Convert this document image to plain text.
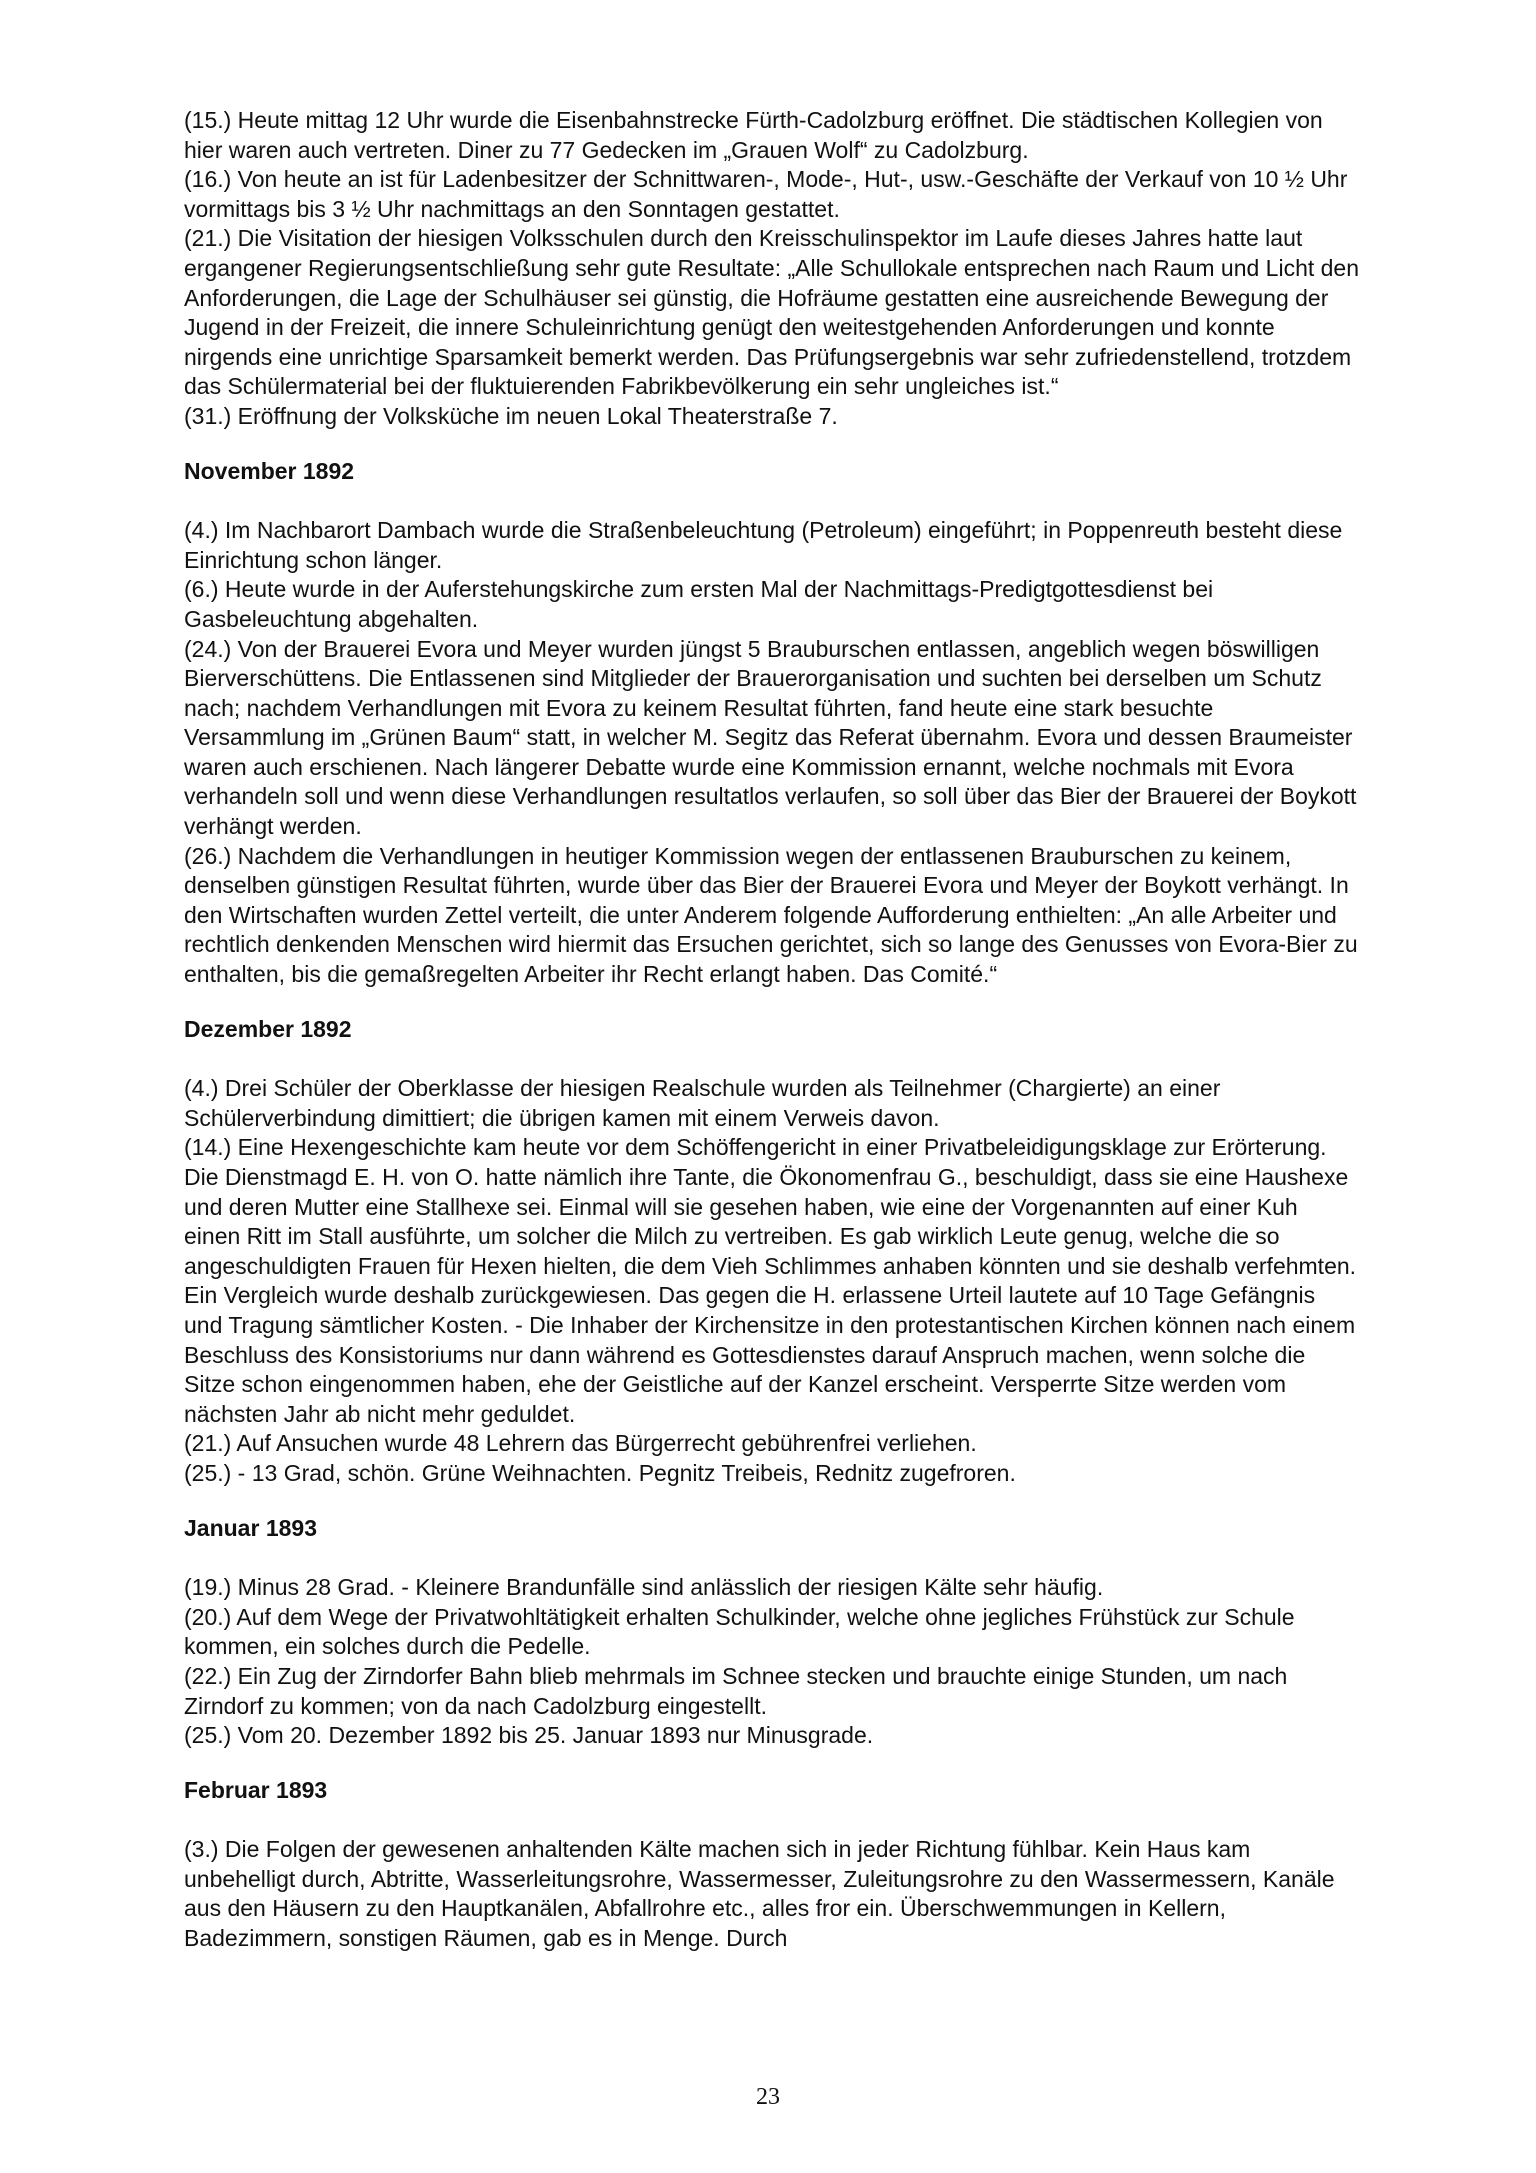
(15.) Heute mittag 12 Uhr wurde die Eisenbahnstrecke Fürth-Cadolzburg eröffnet. Die städtischen Kollegien von hier waren auch vertreten. Diner zu 77 Gedecken im „Grauen Wolf“ zu Cadolzburg.

(16.) Von heute an ist für Ladenbesitzer der Schnittwaren-, Mode-, Hut-, usw.-Geschäfte der Verkauf von 10 ½ Uhr vormittags bis 3 ½ Uhr nachmittags an den Sonntagen gestattet.

(21.) Die Visitation der hiesigen Volksschulen durch den Kreisschulinspektor im Laufe dieses Jahres hatte laut ergangener Regierungsentschließung sehr gute Resultate: „Alle Schullokale entsprechen nach Raum und Licht den Anforderungen, die Lage der Schulhäuser sei günstig, die Hofräume gestatten eine ausreichende Bewegung der Jugend in der Freizeit, die innere Schuleinrichtung genügt den weitestgehenden Anforderungen und konnte nirgends eine unrichtige Sparsamkeit bemerkt werden. Das Prüfungsergebnis war sehr zufriedenstellend, trotzdem das Schülermaterial bei der fluktuierenden Fabrikbevölkerung ein sehr ungleiches ist.“

(31.) Eröffnung der Volksküche im neuen Lokal Theaterstraße 7.

November 1892

(4.) Im Nachbarort Dambach wurde die Straßenbeleuchtung (Petroleum) eingeführt; in Poppenreuth besteht diese Einrichtung schon länger.

(6.) Heute wurde in der Auferstehungskirche zum ersten Mal der Nachmittags-Predigtgottesdienst bei Gasbeleuchtung abgehalten.

(24.) Von der Brauerei Evora und Meyer wurden jüngst 5 Brauburschen entlassen, angeblich wegen böswilligen Bierverschüttens. Die Entlassenen sind Mitglieder der Brauerorganisation und suchten bei derselben um Schutz nach; nachdem Verhandlungen mit Evora zu keinem Resultat führten, fand heute eine stark besuchte Versammlung im „Grünen Baum“ statt, in welcher M. Segitz das Referat übernahm. Evora und dessen Braumeister waren auch erschienen. Nach längerer Debatte wurde eine Kommission ernannt, welche nochmals mit Evora verhandeln soll und wenn diese Verhandlungen resultatlos verlaufen, so soll über das Bier der Brauerei der Boykott verhängt werden.

(26.) Nachdem die Verhandlungen in heutiger Kommission wegen der entlassenen Brauburschen zu keinem, denselben günstigen Resultat führten, wurde über das Bier der Brauerei Evora und Meyer der Boykott verhängt. In den Wirtschaften wurden Zettel verteilt, die unter Anderem folgende Aufforderung enthielten: „An alle Arbeiter und rechtlich denkenden Menschen wird hiermit das Ersuchen gerichtet, sich so lange des Genusses von Evora-Bier zu enthalten, bis die gemaßregelten Arbeiter ihr Recht erlangt haben. Das Comité.“

Dezember 1892

(4.) Drei Schüler der Oberklasse der hiesigen Realschule wurden als Teilnehmer (Chargierte) an einer Schülerverbindung dimittiert; die übrigen kamen mit einem Verweis davon.

(14.) Eine Hexengeschichte kam heute vor dem Schöffengericht in einer Privatbeleidigungsklage zur Erörterung. Die Dienstmagd E. H. von O. hatte nämlich ihre Tante, die Ökonomenfrau G., beschuldigt, dass sie eine Haushexe und deren Mutter eine Stallhexe sei. Einmal will sie gesehen haben, wie eine der Vorgenannten auf einer Kuh einen Ritt im Stall ausführte, um solcher die Milch zu vertreiben. Es gab wirklich Leute genug, welche die so angeschuldigten Frauen für Hexen hielten, die dem Vieh Schlimmes anhaben könnten und sie deshalb verfehmten. Ein Vergleich wurde deshalb zurückgewiesen. Das gegen die H. erlassene Urteil lautete auf 10 Tage Gefängnis und Tragung sämtlicher Kosten. - Die Inhaber der Kirchensitze in den protestantischen Kirchen können nach einem Beschluss des Konsistoriums nur dann während es Gottesdienstes darauf Anspruch machen, wenn solche die Sitze schon eingenommen haben, ehe der Geistliche auf der Kanzel erscheint. Versperrte Sitze werden vom nächsten Jahr ab nicht mehr geduldet.

(21.) Auf Ansuchen wurde 48 Lehrern das Bürgerrecht gebührenfrei verliehen.

(25.) - 13 Grad, schön. Grüne Weihnachten. Pegnitz Treibeis, Rednitz zugefroren.

Januar 1893

(19.) Minus 28 Grad. - Kleinere Brandunfälle sind anlässlich der riesigen Kälte sehr häufig.

(20.) Auf dem Wege der Privatwohltätigkeit erhalten Schulkinder, welche ohne jegliches Frühstück zur Schule kommen, ein solches durch die Pedelle.

(22.) Ein Zug der Zirndorfer Bahn blieb mehrmals im Schnee stecken und brauchte einige Stunden, um nach Zirndorf zu kommen; von da nach Cadolzburg eingestellt.

(25.) Vom 20. Dezember 1892 bis 25. Januar 1893 nur Minusgrade.

Februar 1893

(3.) Die Folgen der gewesenen anhaltenden Kälte machen sich in jeder Richtung fühlbar. Kein Haus kam unbehelligt durch, Abtritte, Wasserleitungsrohre, Wassermesser, Zuleitungsrohre zu den Wassermessern, Kanäle aus den Häusern zu den Hauptkanälen, Abfallrohre etc., alles fror ein. Überschwemmungen in Kellern, Badezimmern, sonstigen Räumen, gab es in Menge. Durch

23
